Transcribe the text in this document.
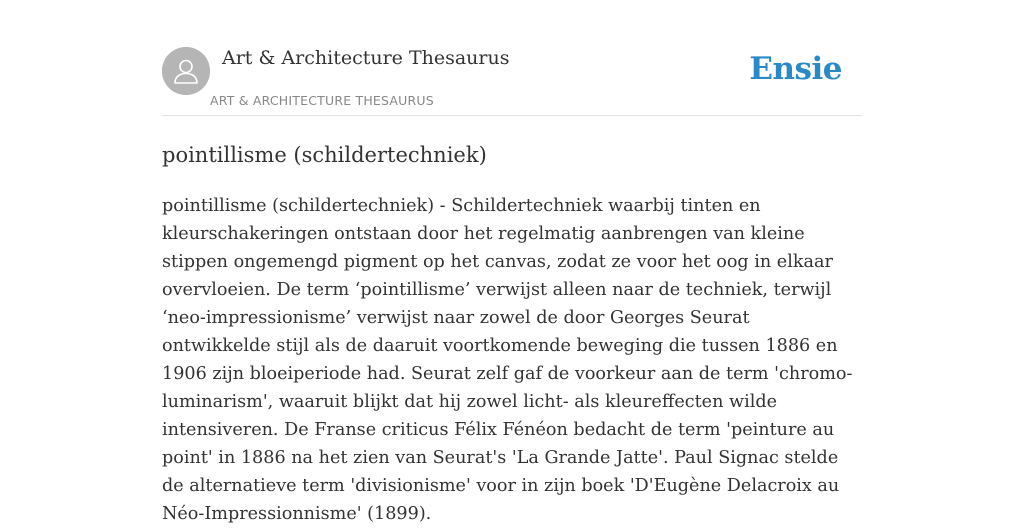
Art & Architecture Thesaurus
ART & ARCHITECTURE THESAURUS
Ensie
pointillisme (schildertechniek)

pointillisme (schildertechniek) - Schildertechniek waarbij tinten en kleurschakeringen ontstaan door het regelmatig aanbrengen van kleine stippen ongemengd pigment op het canvas, zodat ze voor het oog in elkaar overvloeien. De term ‘pointillisme’ verwijst alleen naar de techniek, terwijl ‘neo-impressionisme’ verwijst naar zowel de door Georges Seurat ontwikkelde stijl als de daaruit voortkomende beweging die tussen 1886 en 1906 zijn bloeiperiode had. Seurat zelf gaf de voorkeur aan de term 'chromo-luminarism', waaruit blijkt dat hij zowel licht- als kleureffecten wilde intensiveren. De Franse criticus Félix Fénéon bedacht de term 'peinture au point' in 1886 na het zien van Seurat's 'La Grande Jatte'. Paul Signac stelde de alternatieve term 'divisionisme' voor in zijn boek 'D'Eugène Delacroix au Néo-Impressionnisme' (1899).
